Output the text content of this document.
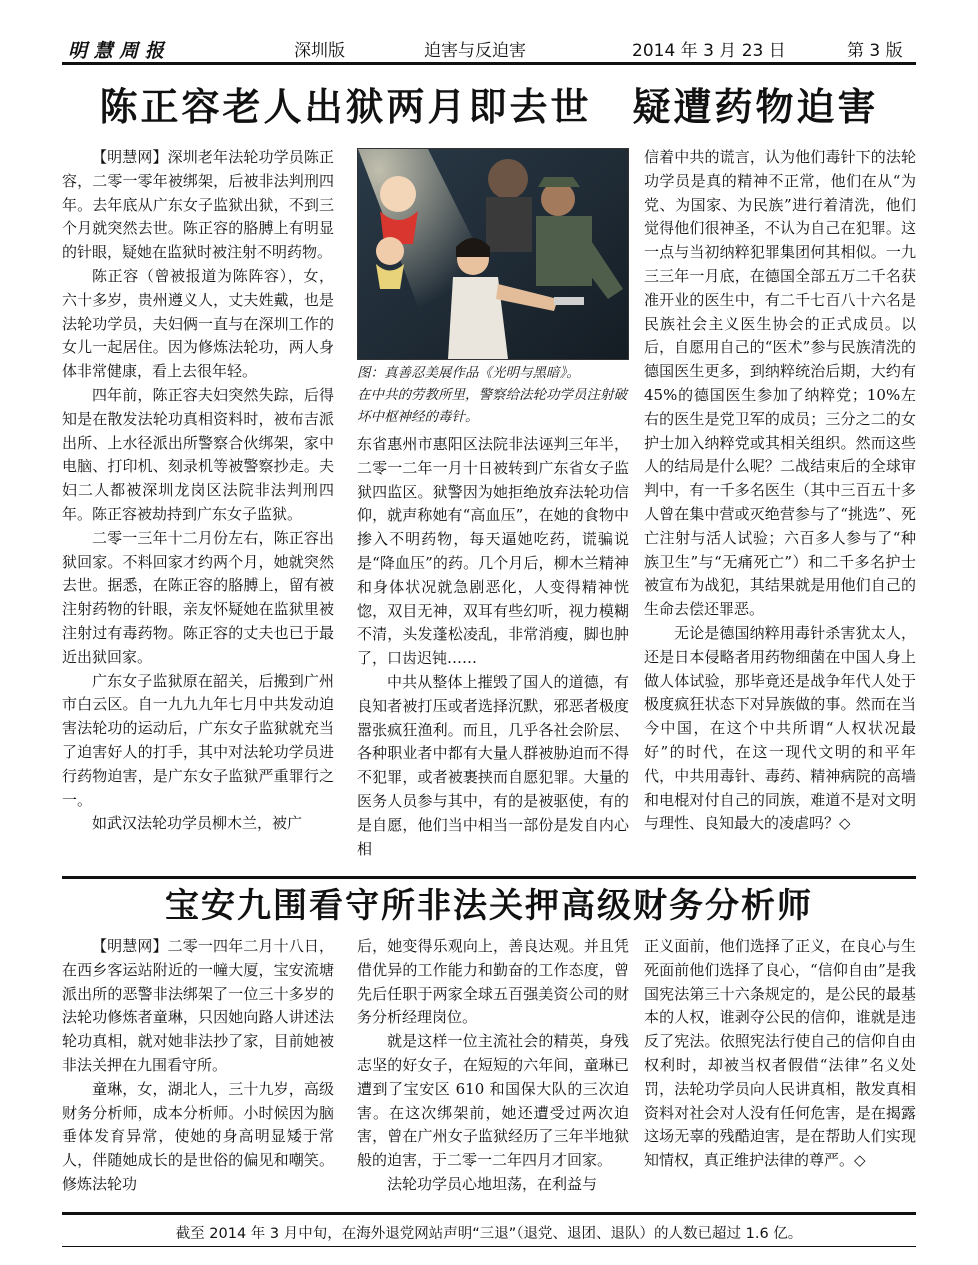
明 慧 周 报	深圳版	迫害与反迫害	2014 年 3 月 23 日	第 3 版
陈正容老人出狱两月即去世　疑遭药物迫害

【明慧网】深圳老年法轮功学员陈正容，二零一零年被绑架，后被非法判刑四年。去年底从广东女子监狱出狱，不到三个月就突然去世。陈正容的胳膊上有明显的针眼，疑她在监狱时被注射不明药物。

陈正容（曾被报道为陈阵容），女，六十多岁，贵州遵义人，丈夫姓戴，也是法轮功学员，夫妇俩一直与在深圳工作的女儿一起居住。因为修炼法轮功，两人身体非常健康，看上去很年轻。

四年前，陈正容夫妇突然失踪，后得知是在散发法轮功真相资料时，被布吉派出所、上水径派出所警察合伙绑架，家中电脑、打印机、刻录机等被警察抄走。夫妇二人都被深圳龙岗区法院非法判刑四年。陈正容被劫持到广东女子监狱。

二零一三年十二月份左右，陈正容出狱回家。不料回家才约两个月，她就突然去世。据悉，在陈正容的胳膊上，留有被注射药物的针眼，亲友怀疑她在监狱里被注射过有毒药物。陈正容的丈夫也已于最近出狱回家。

广东女子监狱原在韶关，后搬到广州市白云区。自一九九九年七月中共发动迫害法轮功的运动后，广东女子监狱就充当了迫害好人的打手，其中对法轮功学员进行药物迫害，是广东女子监狱严重罪行之一。

如武汉法轮功学员柳木兰，被广

图：真善忍美展作品《光明与黑暗》。
在中共的劳教所里，警察给法轮功学员注射破坏中枢神经的毒针。

东省惠州市惠阳区法院非法诬判三年半，二零一二年一月十日被转到广东省女子监狱四监区。狱警因为她拒绝放弃法轮功信仰，就声称她有“高血压”，在她的食物中掺入不明药物，每天逼她吃药，谎骗说是“降血压”的药。几个月后，柳木兰精神和身体状况就急剧恶化，人变得精神恍惚，双目无神，双耳有些幻听，视力模糊不清，头发蓬松凌乱，非常消瘦，脚也肿了，口齿迟钝……

中共从整体上摧毁了国人的道德，有良知者被打压或者选择沉默，邪恶者极度嚣张疯狂渔利。而且，几乎各社会阶层、各种职业者中都有大量人群被胁迫而不得不犯罪，或者被裹挟而自愿犯罪。大量的医务人员参与其中，有的是被驱使，有的是自愿，他们当中相当一部份是发自内心相

信着中共的谎言，认为他们毒针下的法轮功学员是真的精神不正常，他们在从“为党、为国家、为民族”进行着清洗，他们觉得他们很神圣，不认为自己在犯罪。这一点与当初纳粹犯罪集团何其相似。一九三三年一月底，在德国全部五万二千名获准开业的医生中，有二千七百八十六名是民族社会主义医生协会的正式成员。以后，自愿用自己的“医术”参与民族清洗的德国医生更多，到纳粹统治后期，大约有 45%的德国医生参加了纳粹党；10%左右的医生是党卫军的成员；三分之二的女护士加入纳粹党或其相关组织。然而这些人的结局是什么呢？二战结束后的全球审判中，有一千多名医生（其中三百五十多人曾在集中营或灭绝营参与了“挑选”、死亡注射与活人试验；六百多人参与了“种族卫生”与“无痛死亡”）和二千多名护士被宣布为战犯，其结果就是用他们自己的生命去偿还罪恶。

无论是德国纳粹用毒针杀害犹太人，还是日本侵略者用药物细菌在中国人身上做人体试验，那毕竟还是战争年代人处于极度疯狂状态下对异族做的事。然而在当今中国，在这个中共所谓“人权状况最好”的时代，在这一现代文明的和平年代，中共用毒针、毒药、精神病院的高墙和电棍对付自己的同族，难道不是对文明与理性、良知最大的凌虐吗？◇

宝安九围看守所非法关押高级财务分析师

【明慧网】二零一四年二月十八日，在西乡客运站附近的一幢大厦，宝安流塘派出所的恶警非法绑架了一位三十多岁的法轮功修炼者童琳，只因她向路人讲述法轮功真相，就对她非法抄了家，目前她被非法关押在九围看守所。

童琳，女，湖北人，三十九岁，高级财务分析师，成本分析师。小时候因为脑垂体发育异常，使她的身高明显矮于常人，伴随她成长的是世俗的偏见和嘲笑。修炼法轮功

后，她变得乐观向上，善良达观。并且凭借优异的工作能力和勤奋的工作态度，曾先后任职于两家全球五百强美资公司的财务分析经理岗位。

就是这样一位主流社会的精英，身残志坚的好女子，在短短的六年间，童琳已遭到了宝安区 610 和国保大队的三次迫害。在这次绑架前，她还遭受过两次迫害，曾在广州女子监狱经历了三年半地狱般的迫害，于二零一二年四月才回家。

法轮功学员心地坦荡，在利益与

正义面前，他们选择了正义，在良心与生死面前他们选择了良心，“信仰自由”是我国宪法第三十六条规定的，是公民的最基本的人权，谁剥夺公民的信仰，谁就是违反了宪法。依照宪法行使自己的信仰自由权利时，却被当权者假借“法律”名义处罚，法轮功学员向人民讲真相，散发真相资料对社会对人没有任何危害，是在揭露这场无辜的残酷迫害，是在帮助人们实现知情权，真正维护法律的尊严。◇

截至 2014 年 3 月中旬，在海外退党网站声明“三退”（退党、退团、退队）的人数已超过 1.6 亿。
